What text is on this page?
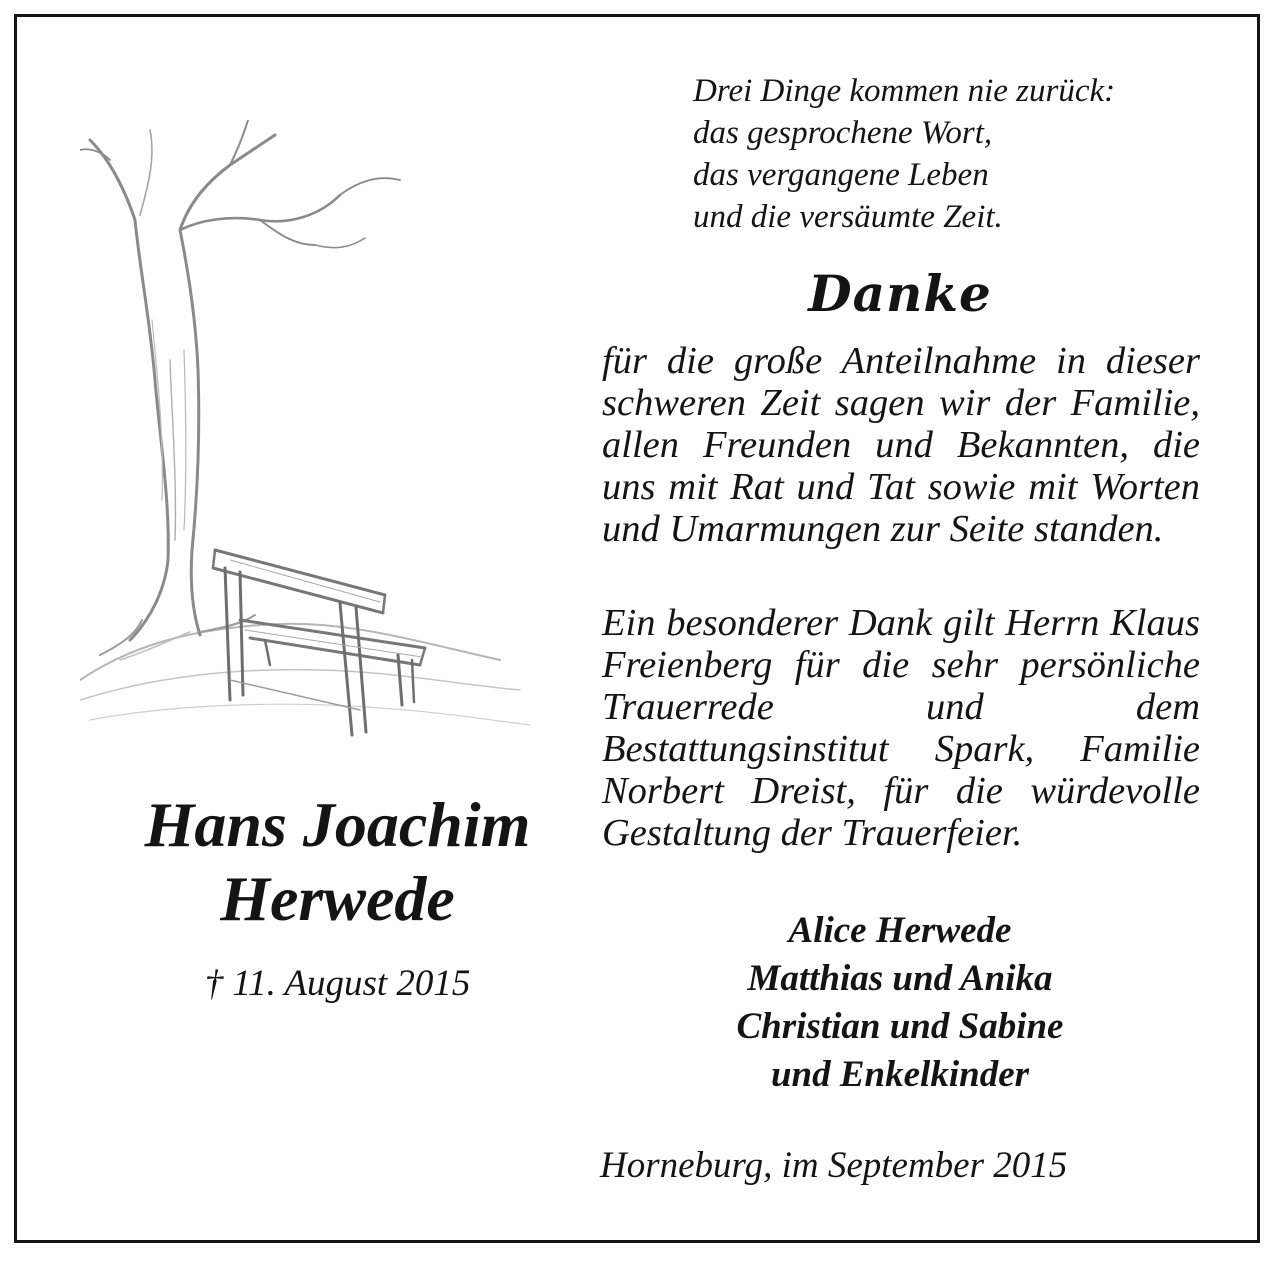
Hans Joachim
Herwede
† 11. August 2015
Drei Dinge kommen nie zurück:
das gesprochene Wort,
das vergangene Leben
und die versäumte Zeit.
Danke
für die große Anteilnahme in dieser schweren Zeit sagen wir der Familie, allen Freunden und Bekannten, die uns mit Rat und Tat sowie mit Worten und Umarmungen zur Seite standen.
Ein besonderer Dank gilt Herrn Klaus Freienberg für die sehr persönliche Trauerrede und dem Bestattungsinstitut Spark, Familie Norbert Dreist, für die würdevolle Gestaltung der Trauerfeier.
Alice Herwede
Matthias und Anika
Christian und Sabine
und Enkelkinder
Horneburg, im September 2015
